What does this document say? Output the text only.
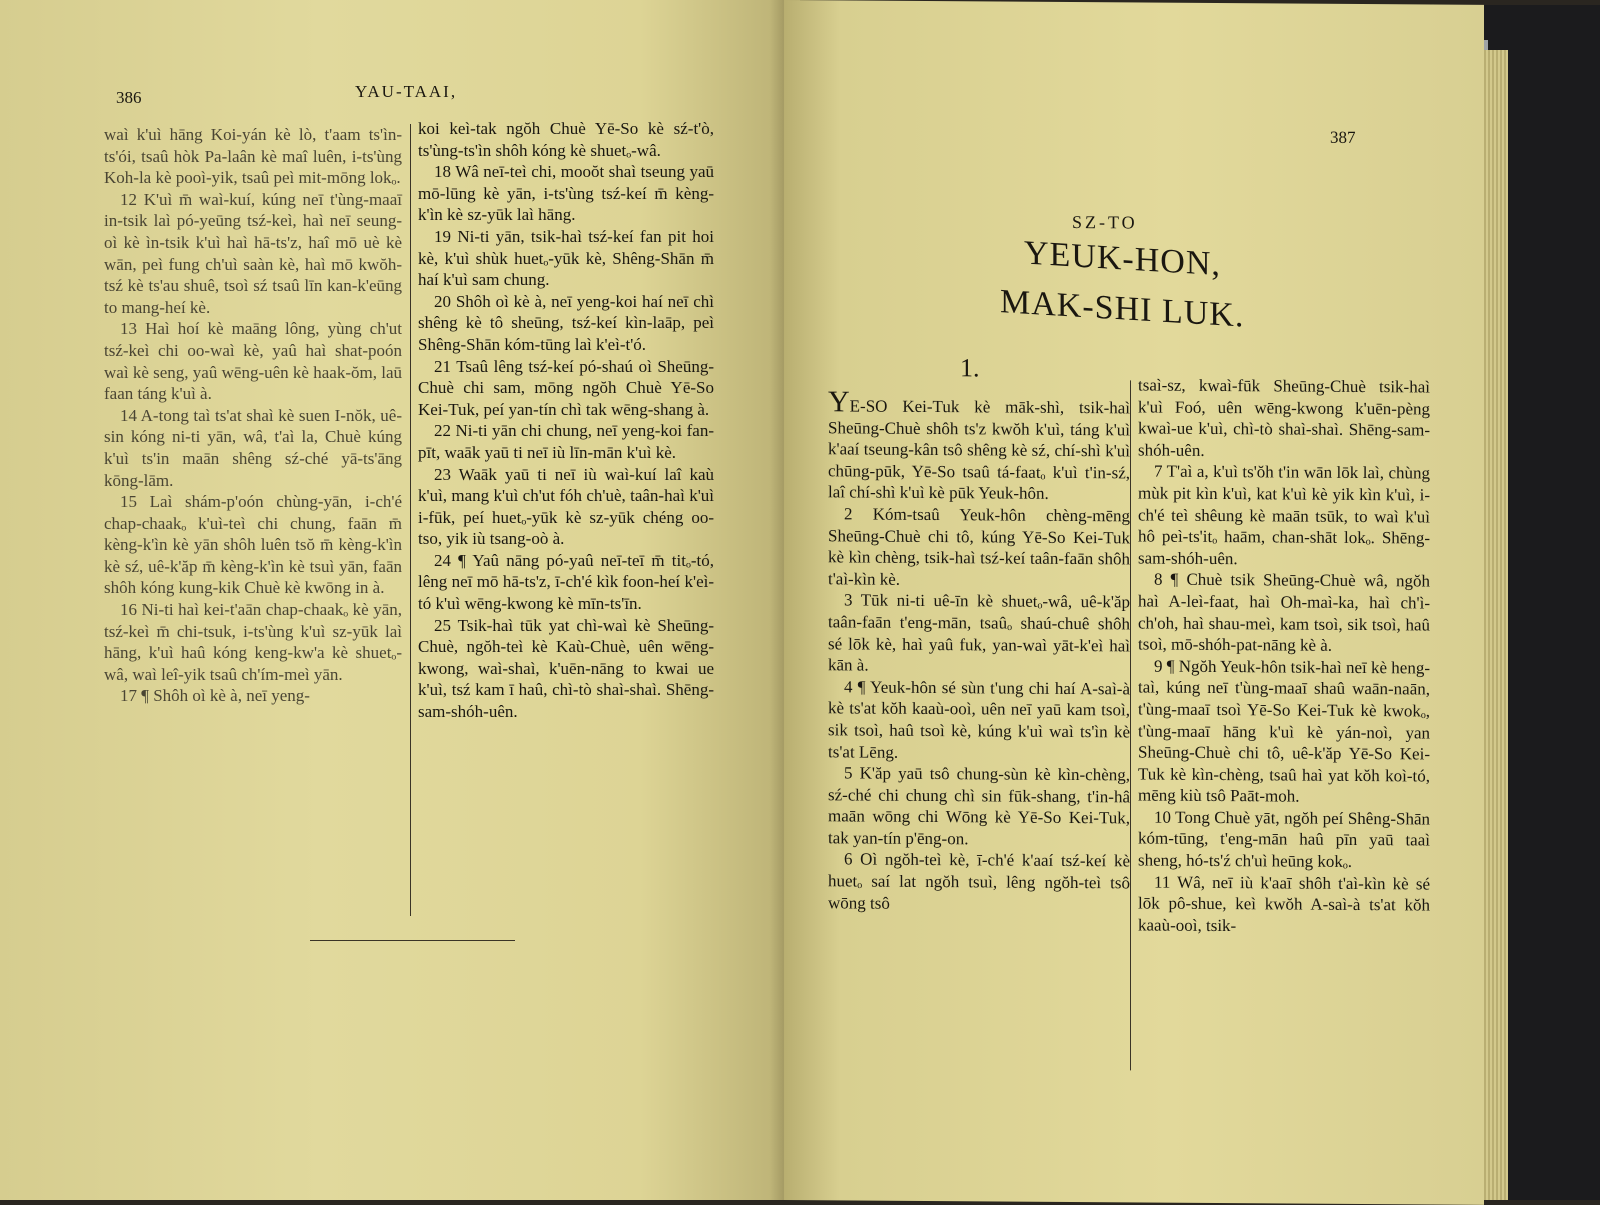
386	YAU-TAAI,

waì k'uì hāng Koi-yán kè lò, t'aam ts'ìn-ts'ói, tsaû hòk Pa-laân kè maî luên, i-ts'ùng Koh-la kè pooì-yik, tsaû peì mit-mōng lokₒ.

12 K'uì m̄ waì-kuí, kúng neī t'ùng-maaī in-tsik laì pó-yeūng tsź-keì, haì neī seung-oì kè ìn-tsik k'uì haì hā-ts'z, haî mō uè kè wān, peì fung ch'uì saàn kè, haì mō kwŏh-tsź kè ts'au shuê, tsoì sź tsaû līn kan-k'eūng to mang-heí kè.

13 Haì hoí kè maāng lông, yùng ch'ut tsź-keì chi oo-waì kè, yaû haì shat-poón waì kè seng, yaû wēng-uên kè haak-ŏm, laū faan táng k'uì à.

14 A-tong taì ts'at shaì kè suen I-nŏk, uê-sin kóng ni-ti yān, wâ, t'aì la, Chuè kúng k'uì ts'in maān shêng sź-ché yā-ts'āng kōng-lām.

15 Laì shám-p'oón chùng-yān, i-ch'é chap-chaakₒ k'uì-teì chi chung, faān m̄ kèng-k'ìn kè yān shôh luên tsŏ m̄ kèng-k'ìn kè sź, uê-k'ăp m̄ kèng-k'ìn kè tsuì yān, faān shôh kóng kung-kik Chuè kè kwōng in à.

16 Ni-ti haì kei-t'aān chap-chaakₒ kè yān, tsź-keì m̄ chi-tsuk, i-ts'ùng k'uì sz-yūk laì hāng, k'uì haû kóng keng-kw'a kè shuetₒ-wâ, waì leî-yik tsaû ch'ím-meì yān.

17 ¶ Shôh oì kè à, neī yeng-

koi keì-tak ngŏh Chuè Yē-So kè sź-t'ò, ts'ùng-ts'ìn shôh kóng kè shuetₒ-wâ.

18 Wâ neī-teì chi, mooŏt shaì tseung yaū mō-lūng kè yān, i-ts'ùng tsź-keí m̄ kèng-k'ìn kè sz-yūk laì hāng.

19 Ni-ti yān, tsik-haì tsź-keí fan pit hoi kè, k'uì shùk huetₒ-yūk kè, Shêng-Shān m̄ haí k'uì sam chung.

20 Shôh oì kè à, neī yeng-koi haí neī chì shêng kè tô sheūng, tsź-keí kìn-laāp, peì Shêng-Shān kóm-tūng laì k'eì-t'ó.

21 Tsaû lêng tsź-keí pó-shaú oì Sheūng-Chuè chi sam, mōng ngŏh Chuè Yē-So Kei-Tuk, peí yan-tín chì tak wēng-shang à.

22 Ni-ti yān chi chung, neī yeng-koi fan-pīt, waāk yaū ti neī iù līn-mān k'uì kè.

23 Waāk yaū ti neī iù waì-kuí laî kaù k'uì, mang k'uì ch'ut fóh ch'uè, taân-haì k'uì i-fūk, peí huetₒ-yūk kè sz-yūk chéng oo-tso, yik iù tsang-oò à.

24 ¶ Yaû nāng pó-yaû neī-teī m̄ titₒ-tó, lêng neī mō hā-ts'z, ī-ch'é kìk foon-heí k'eì-tó k'uì wēng-kwong kè mīn-ts'īn.

25 Tsik-haì tūk yat chì-waì kè Sheūng-Chuè, ngŏh-teì kè Kaù-Chuè, uên wēng-kwong, waì-shaì, k'uēn-nāng to kwai ue k'uì, tsź kam ī haû, chì-tò shaì-shaì. Shēng-sam-shóh-uên.

387
SZ-TO
YEUK-HON,
MAK-SHI LUK.
1.

YE-SO Kei-Tuk kè māk-shì, tsik-haì Sheūng-Chuè shôh ts'z kwŏh k'uì, táng k'uì k'aaí tseung-kân tsô shêng kè sź, chí-shì k'uì chūng-pūk, Yē-So tsaû tá-faatₒ k'uì t'in-sź, laî chí-shì k'uì kè pūk Yeuk-hôn.

2 Kóm-tsaû Yeuk-hôn chèng-mēng Sheūng-Chuè chi tô, kúng Yē-So Kei-Tuk kè kìn chèng, tsik-haì tsź-keí taân-faān shôh t'aì-kìn kè.

3 Tūk ni-ti uê-īn kè shuetₒ-wâ, uê-k'ăp taân-faān t'eng-mān, tsaûₒ shaú-chuê shôh sé lōk kè, haì yaû fuk, yan-waì yāt-k'eì haì kān à.

4 ¶ Yeuk-hôn sé sùn t'ung chi haí A-saì-à kè ts'at kŏh kaaù-ooì, uên neī yaū kam tsoì, sik tsoì, haû tsoì kè, kúng k'uì waì ts'ìn kè ts'at Lēng.

5 K'ăp yaū tsô chung-sùn kè kìn-chèng, sź-ché chi chung chì sin fūk-shang, t'in-hâ maān wōng chi Wōng kè Yē-So Kei-Tuk, tak yan-tín p'ēng-on.

6 Oì ngŏh-teì kè, ī-ch'é k'aaí tsź-keí kè huetₒ saí lat ngŏh tsuì, lêng ngŏh-teì tsô wōng tsô

tsaì-sz, kwaì-fūk Sheūng-Chuè tsik-haì k'uì Foó, uên wēng-kwong k'uēn-pèng kwaì-ue k'uì, chì-tò shaì-shaì. Shēng-sam-shóh-uên.

7 T'aì a, k'uì ts'ŏh t'in wān lōk laì, chùng mùk pit kìn k'uì, kat k'uì kè yik kìn k'uì, i-ch'é teì shêung kè maān tsūk, to waì k'uì hô peì-ts'itₒ haām, chan-shāt lokₒ. Shēng-sam-shóh-uên.

8 ¶ Chuè tsik Sheūng-Chuè wâ, ngŏh haì A-leì-faat, haì Oh-maì-ka, haì ch'ì-ch'oh, haì shau-meì, kam tsoì, sik tsoì, haû tsoì, mō-shóh-pat-nāng kè à.

9 ¶ Ngŏh Yeuk-hôn tsik-haì neī kè heng-taì, kúng neī t'ùng-maaī shaû waān-naān, t'ùng-maaī tsoì Yē-So Kei-Tuk kè kwokₒ, t'ùng-maaī hāng k'uì kè yán-noì, yan Sheūng-Chuè chi tô, uê-k'ăp Yē-So Kei-Tuk kè kìn-chèng, tsaû haì yat kŏh koì-tó, mēng kiù tsô Paāt-moh.

10 Tong Chuè yāt, ngŏh peí Shêng-Shān kóm-tūng, t'eng-mān haû pīn yaū taaì sheng, hó-ts'ź ch'uì heūng kokₒ.

11 Wâ, neī iù k'aaī shôh t'aì-kìn kè sé lōk pô-shue, keì kwŏh A-saì-à ts'at kŏh kaaù-ooì, tsik-
